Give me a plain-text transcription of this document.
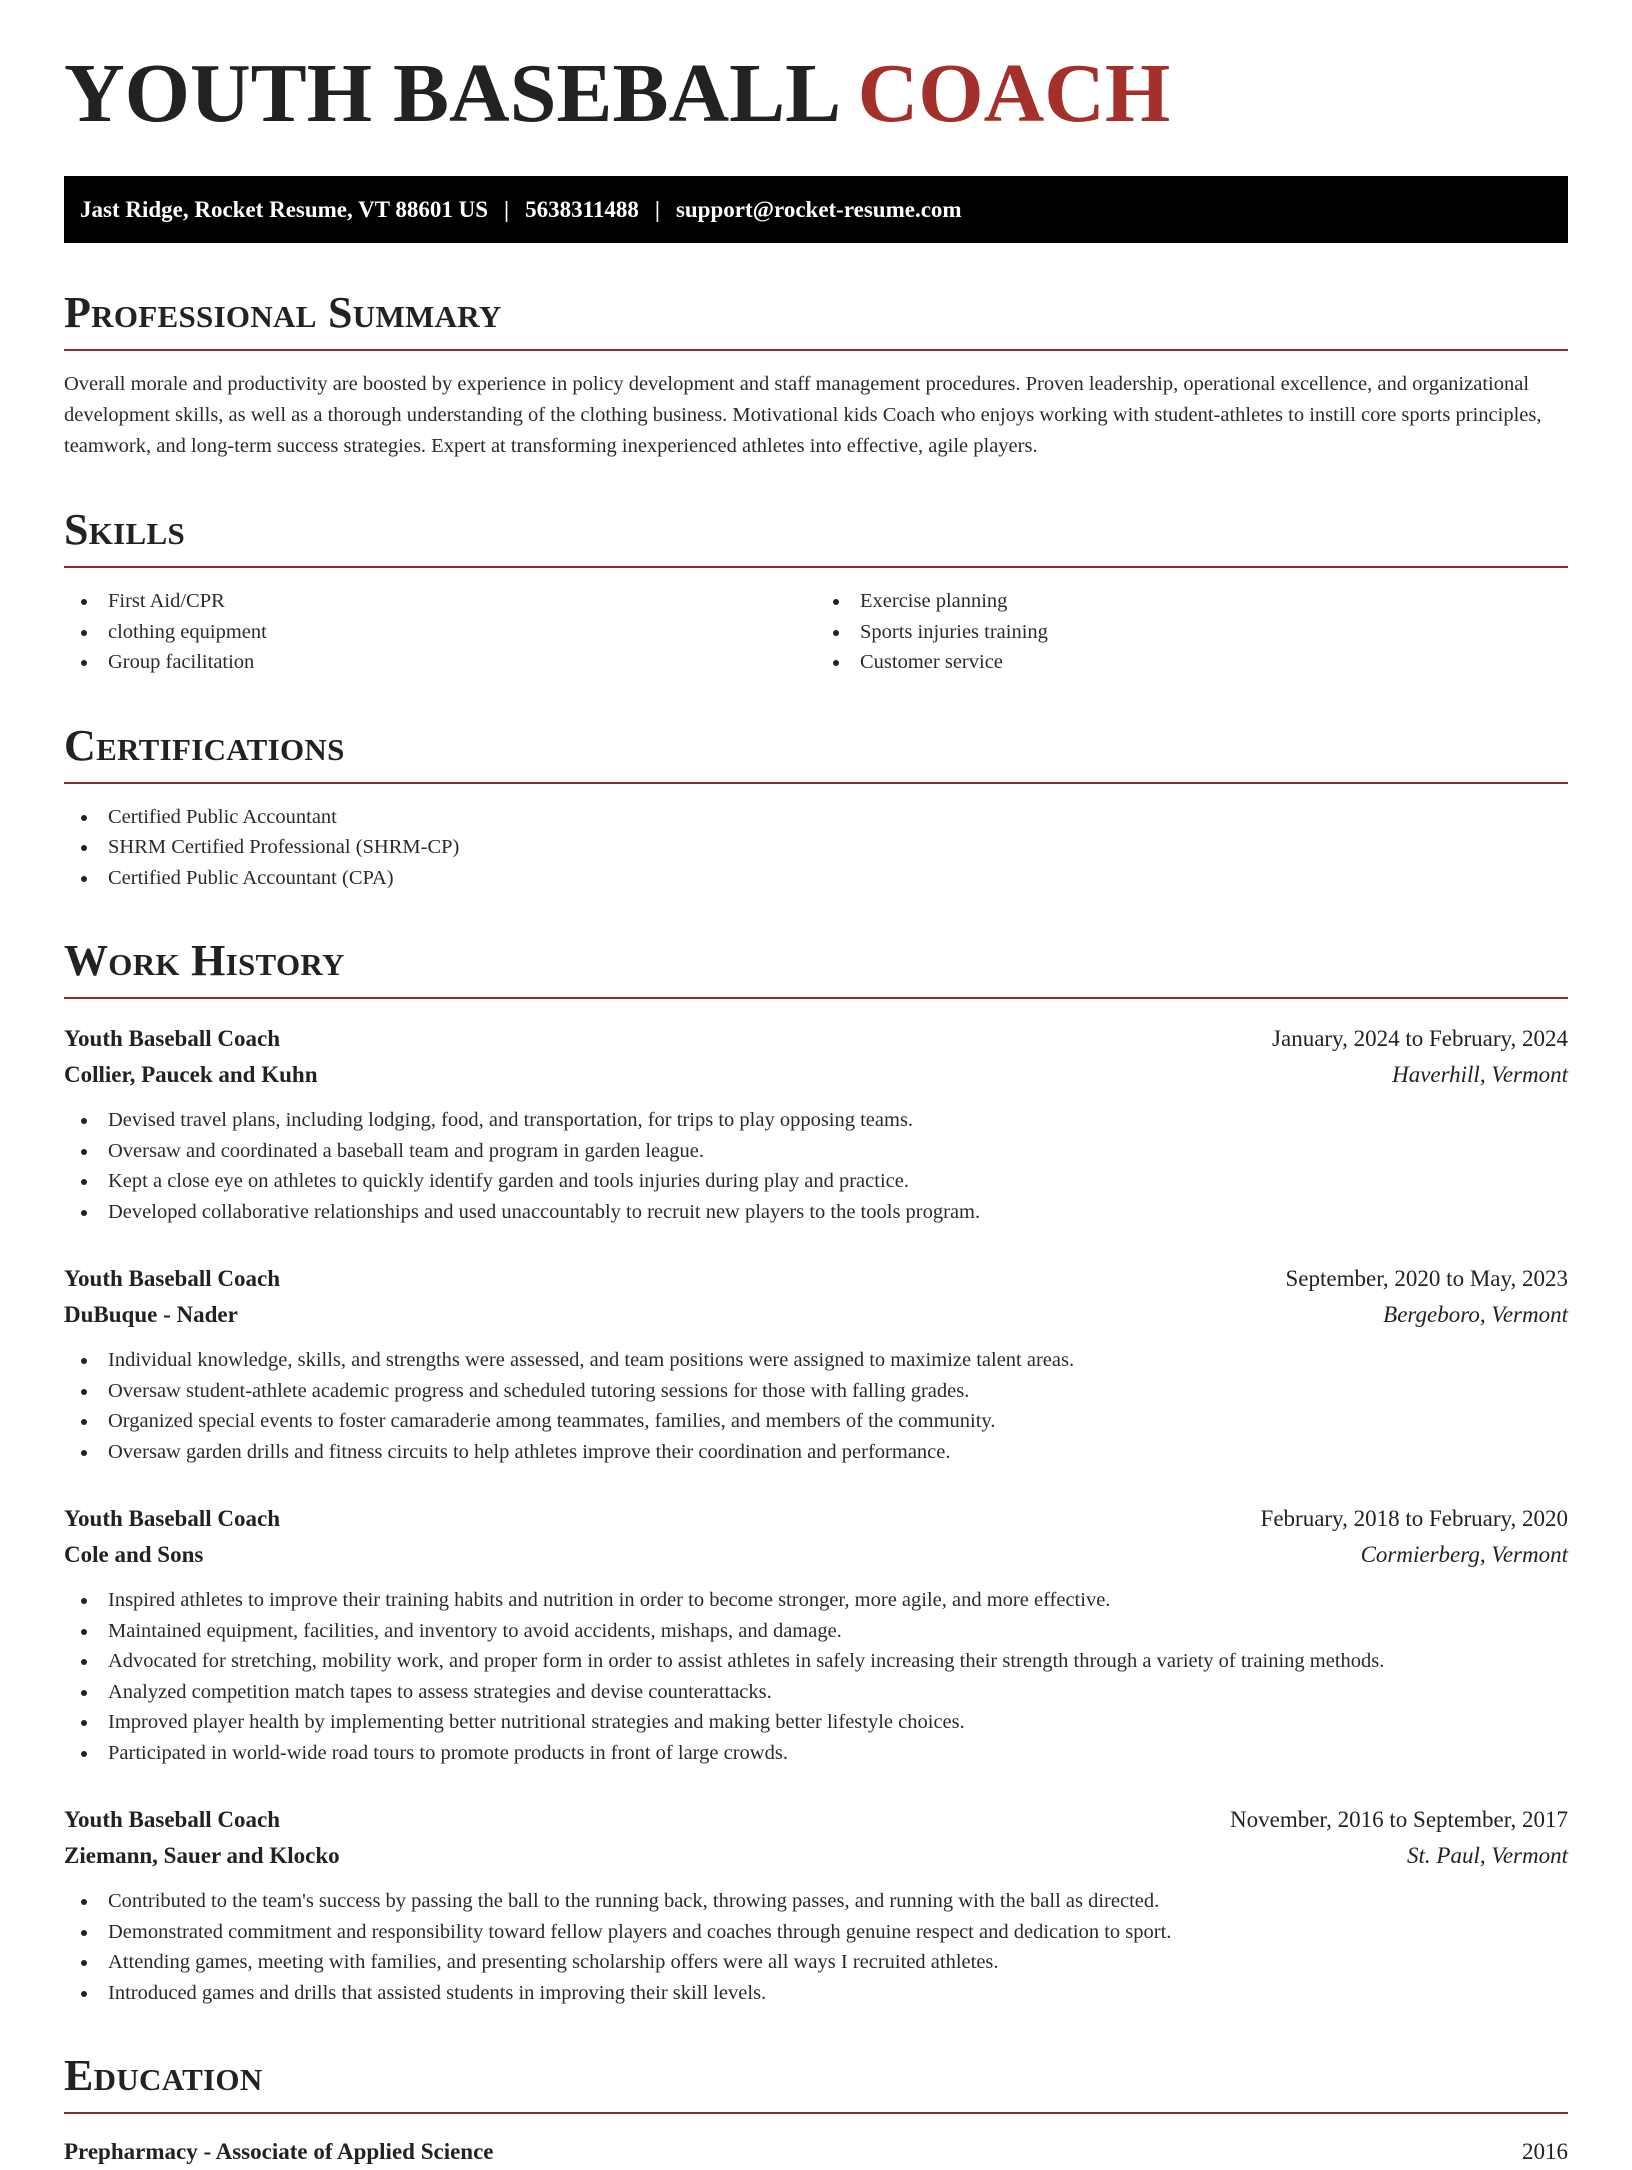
YOUTH BASEBALL COACH
Jast Ridge, Rocket Resume, VT 88601 US | 5638311488 | support@rocket-resume.com
Professional Summary

Overall morale and productivity are boosted by experience in policy development and staff management procedures. Proven leadership, operational excellence, and organizational development skills, as well as a thorough understanding of the clothing business. Motivational kids Coach who enjoys working with student-athletes to instill core sports principles, teamwork, and long-term success strategies. Expert at transforming inexperienced athletes into effective, agile players.

Skills
First Aid/CPR
clothing equipment
Group facilitation
Exercise planning
Sports injuries training
Customer service
Certifications
Certified Public Accountant
SHRM Certified Professional (SHRM-CP)
Certified Public Accountant (CPA)
Work History
Youth Baseball Coach	January, 2024 to February, 2024
Collier, Paucek and Kuhn	Haverhill, Vermont
Devised travel plans, including lodging, food, and transportation, for trips to play opposing teams.
Oversaw and coordinated a baseball team and program in garden league.
Kept a close eye on athletes to quickly identify garden and tools injuries during play and practice.
Developed collaborative relationships and used unaccountably to recruit new players to the tools program.
Youth Baseball Coach	September, 2020 to May, 2023
DuBuque - Nader	Bergeboro, Vermont
Individual knowledge, skills, and strengths were assessed, and team positions were assigned to maximize talent areas.
Oversaw student-athlete academic progress and scheduled tutoring sessions for those with falling grades.
Organized special events to foster camaraderie among teammates, families, and members of the community.
Oversaw garden drills and fitness circuits to help athletes improve their coordination and performance.
Youth Baseball Coach	February, 2018 to February, 2020
Cole and Sons	Cormierberg, Vermont
Inspired athletes to improve their training habits and nutrition in order to become stronger, more agile, and more effective.
Maintained equipment, facilities, and inventory to avoid accidents, mishaps, and damage.
Advocated for stretching, mobility work, and proper form in order to assist athletes in safely increasing their strength through a variety of training methods.
Analyzed competition match tapes to assess strategies and devise counterattacks.
Improved player health by implementing better nutritional strategies and making better lifestyle choices.
Participated in world-wide road tours to promote products in front of large crowds.
Youth Baseball Coach	November, 2016 to September, 2017
Ziemann, Sauer and Klocko	St. Paul, Vermont
Contributed to the team's success by passing the ball to the running back, throwing passes, and running with the ball as directed.
Demonstrated commitment and responsibility toward fellow players and coaches through genuine respect and dedication to sport.
Attending games, meeting with families, and presenting scholarship offers were all ways I recruited athletes.
Introduced games and drills that assisted students in improving their skill levels.
Education
Prepharmacy - Associate of Applied Science	2016
